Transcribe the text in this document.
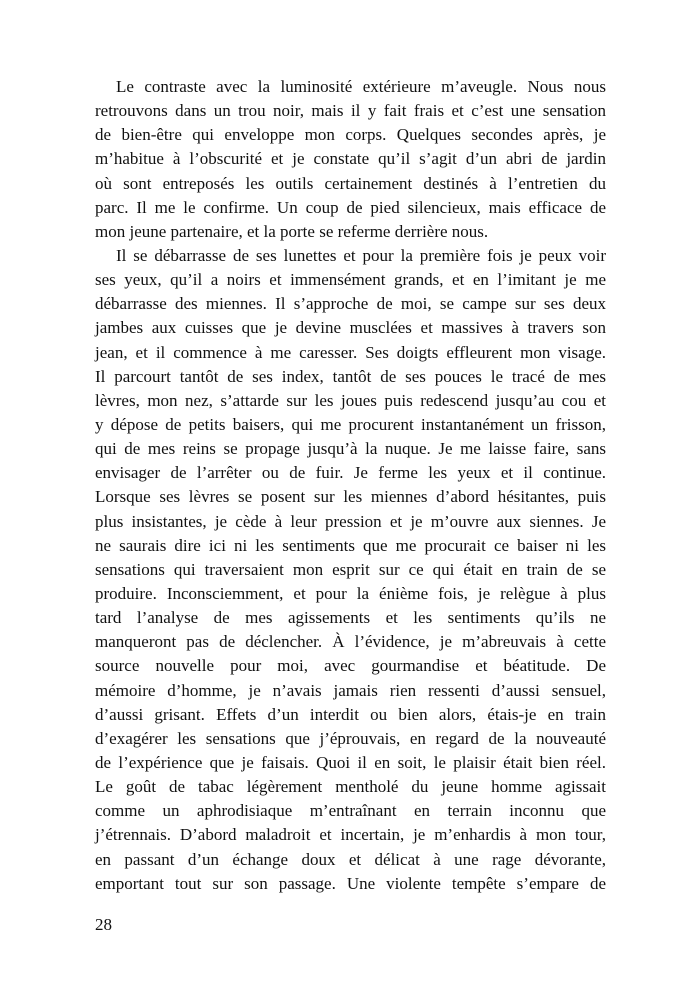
Le contraste avec la luminosité extérieure m’aveugle. Nous nous
retrouvons dans un trou noir, mais il y fait frais et c’est une sensation
de bien-être qui enveloppe mon corps. Quelques secondes après, je
m’habitue à l’obscurité et je constate qu’il s’agit d’un abri de jardin
où sont entreposés les outils certainement destinés à l’entretien du
parc. Il me le confirme. Un coup de pied silencieux, mais efficace de
mon jeune partenaire, et la porte se referme derrière nous.
Il se débarrasse de ses lunettes et pour la première fois je peux voir
ses yeux, qu’il a noirs et immensément grands, et en l’imitant je me
débarrasse des miennes. Il s’approche de moi, se campe sur ses deux
jambes aux cuisses que je devine musclées et massives à travers son
jean, et il commence à me caresser. Ses doigts effleurent mon visage.
Il parcourt tantôt de ses index, tantôt de ses pouces le tracé de mes
lèvres, mon nez, s’attarde sur les joues puis redescend jusqu’au cou et
y dépose de petits baisers, qui me procurent instantanément un frisson,
qui de mes reins se propage jusqu’à la nuque. Je me laisse faire, sans
envisager de l’arrêter ou de fuir. Je ferme les yeux et il continue.
Lorsque ses lèvres se posent sur les miennes d’abord hésitantes, puis
plus insistantes, je cède à leur pression et je m’ouvre aux siennes. Je
ne saurais dire ici ni les sentiments que me procurait ce baiser ni les
sensations qui traversaient mon esprit sur ce qui était en train de se
produire. Inconsciemment, et pour la énième fois, je relègue à plus
tard l’analyse de mes agissements et les sentiments qu’ils ne
manqueront pas de déclencher. À l’évidence, je m’abreuvais à cette
source nouvelle pour moi, avec gourmandise et béatitude. De
mémoire d’homme, je n’avais jamais rien ressenti d’aussi sensuel,
d’aussi grisant. Effets d’un interdit ou bien alors, étais-je en train
d’exagérer les sensations que j’éprouvais, en regard de la nouveauté
de l’expérience que je faisais. Quoi il en soit, le plaisir était bien réel.
Le goût de tabac légèrement mentholé du jeune homme agissait
comme un aphrodisiaque m’entraînant en terrain inconnu que
j’étrennais. D’abord maladroit et incertain, je m’enhardis à mon tour,
en passant d’un échange doux et délicat à une rage dévorante,
emportant tout sur son passage. Une violente tempête s’empare de
28
